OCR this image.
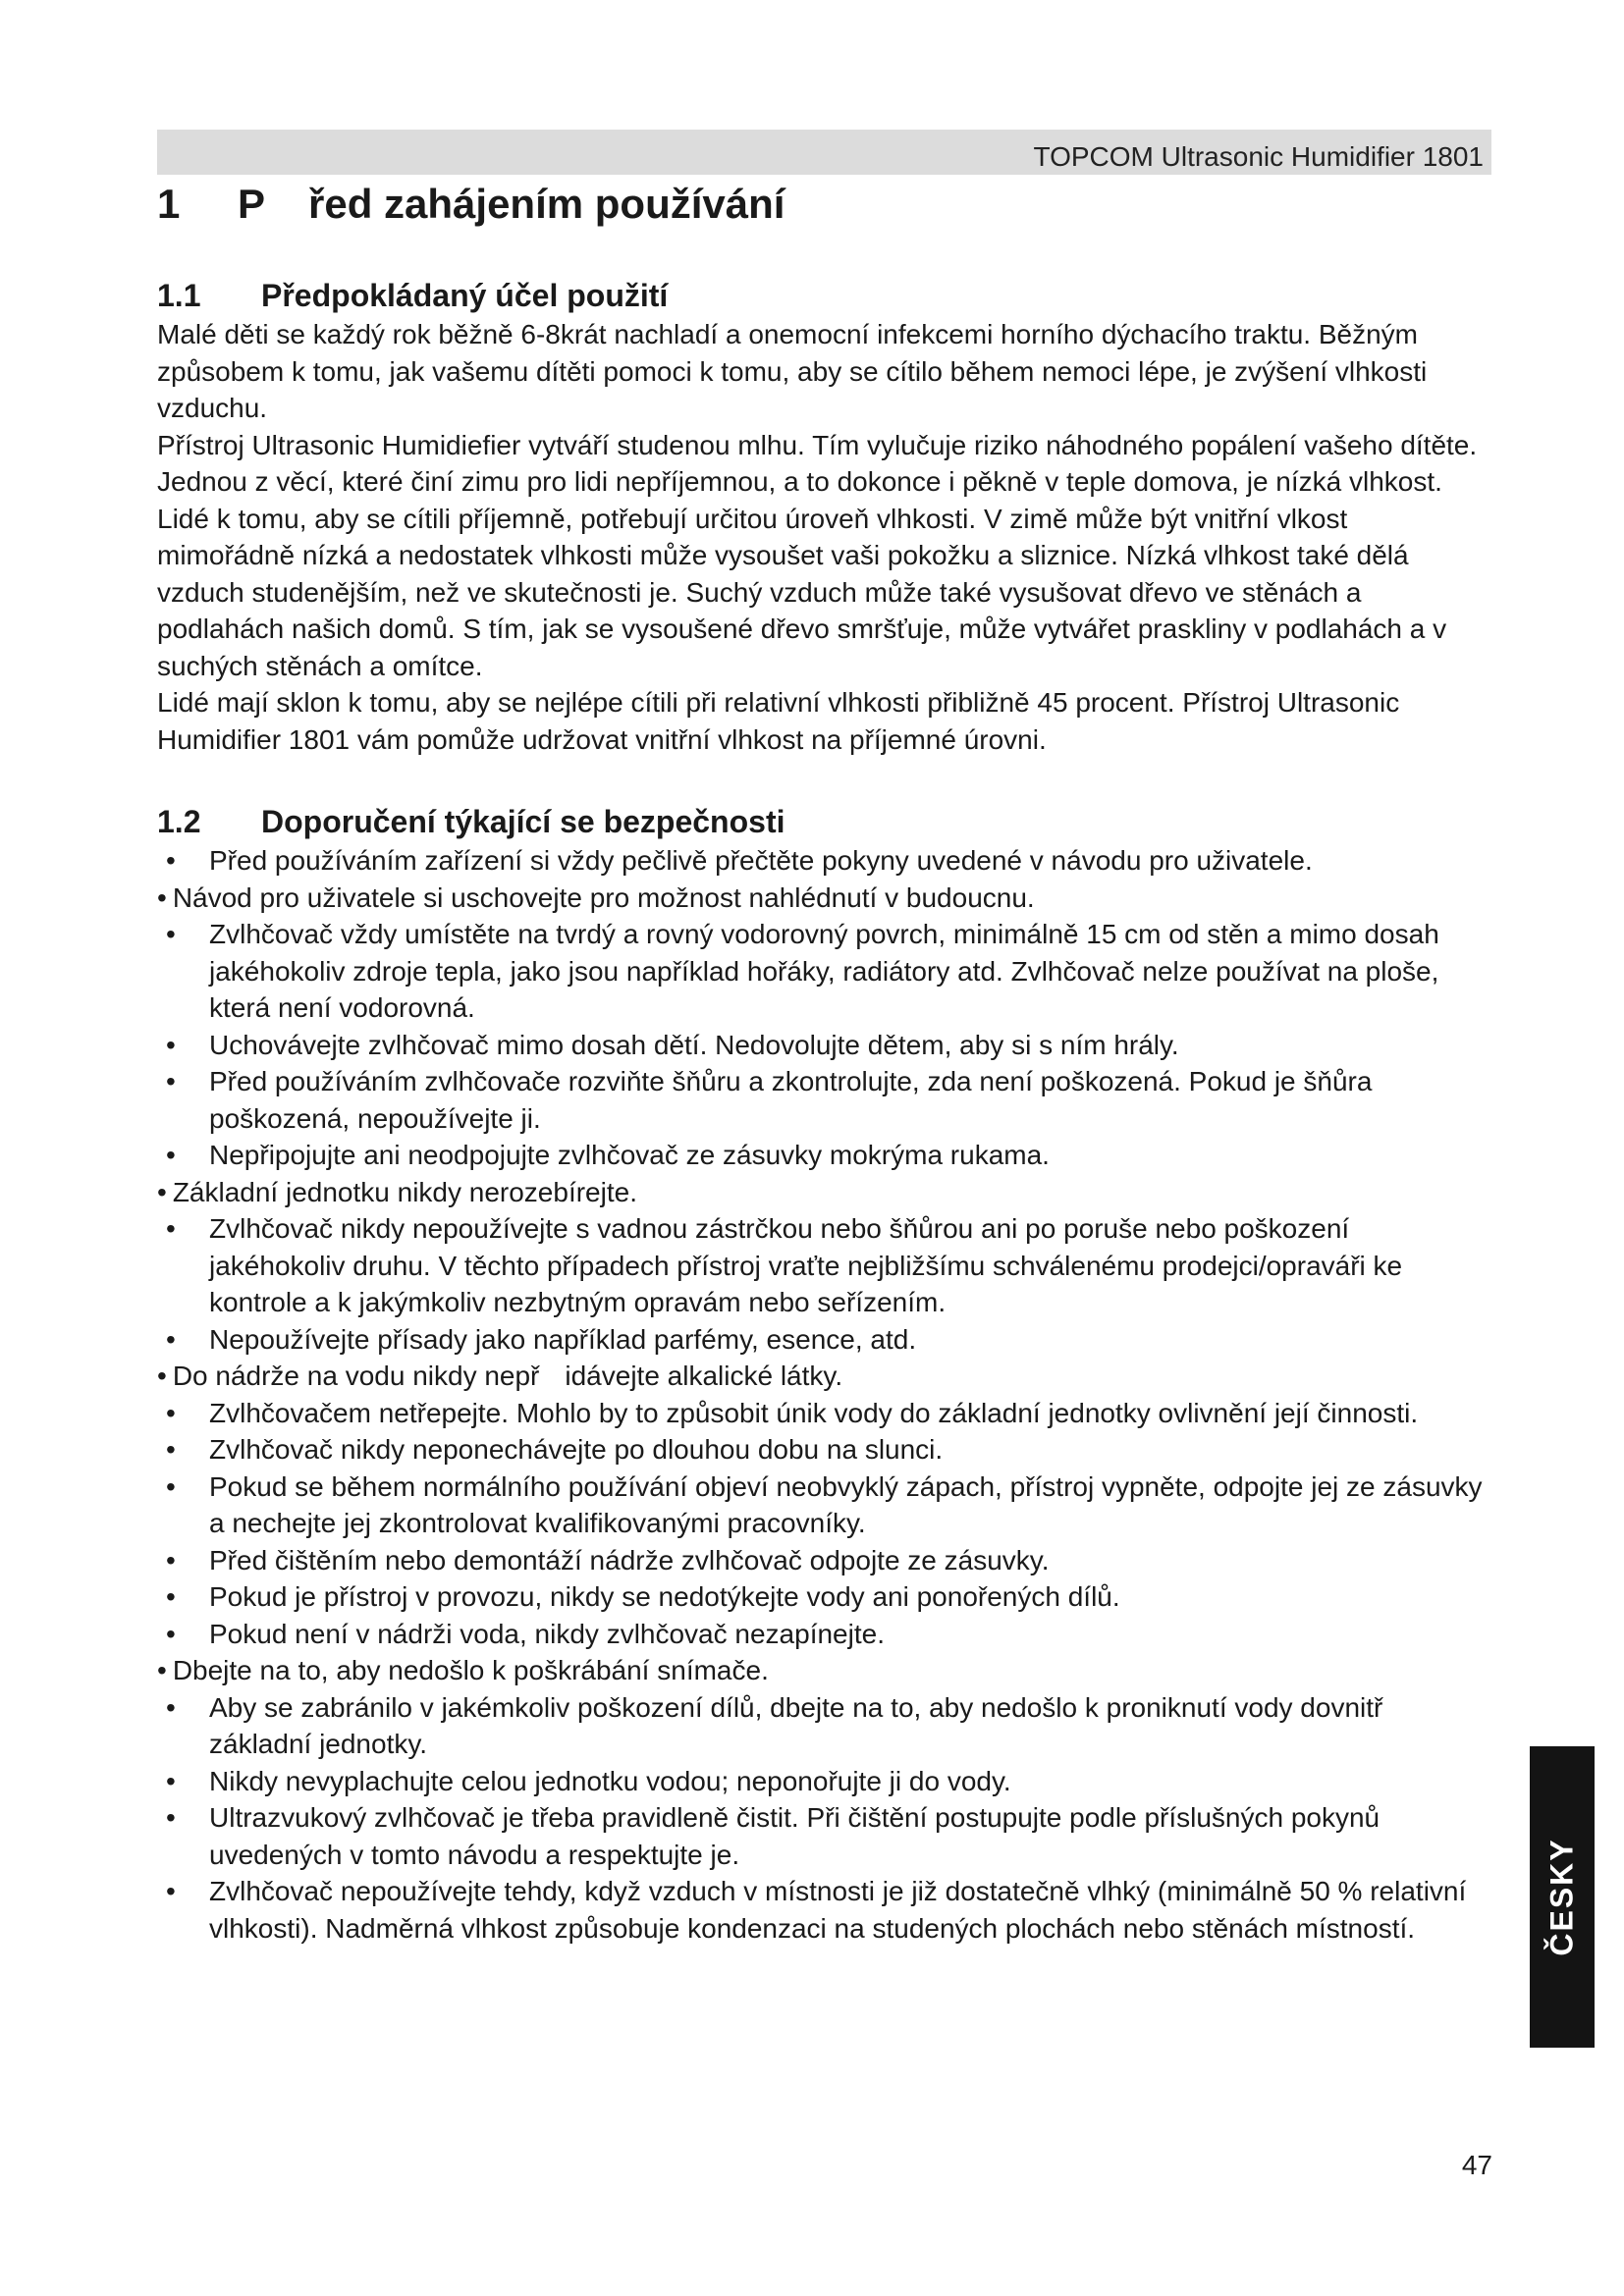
TOPCOM Ultrasonic Humidifier 1801
1	P	řed zahájením používání
1.1	Předpokládaný účel použití

Malé děti se každý rok běžně 6-8krát nachladí a onemocní infekcemi horního dýchacího traktu. Běžným způsobem k tomu, jak vašemu dítěti pomoci k tomu, aby se cítilo během nemoci lépe, je zvýšení vlhkosti vzduchu.

Přístroj Ultrasonic Humidiefier vytváří studenou mlhu. Tím vylučuje riziko náhodného popálení vašeho dítěte.

Jednou z věcí, které činí zimu pro lidi nepříjemnou, a to dokonce i pěkně v teple domova, je nízká vlhkost. Lidé k tomu, aby se cítili příjemně, potřebují určitou úroveň vlhkosti. V zimě může být vnitřní vlkost mimořádně nízká a nedostatek vlhkosti může vysoušet vaši pokožku a sliznice. Nízká vlhkost také dělá vzduch studenějším, než ve skutečnosti je. Suchý vzduch může také vysušovat dřevo ve stěnách a podlahách našich domů. S tím, jak se vysoušené dřevo smršťuje, může vytvářet praskliny v podlahách a v suchých stěnách a omítce.

Lidé mají sklon k tomu, aby se nejlépe cítili při relativní vlhkosti přibližně 45 procent. Přístroj Ultrasonic Humidifier 1801 vám pomůže udržovat vnitřní vlhkost na příjemné úrovni.

1.2	Doporučení týkající se bezpečnosti
• Před používáním zařízení si vždy pečlivě přečtěte pokyny uvedené v návodu pro uživatele.
• Návod pro uživatele si uschovejte pro možnost nahlédnutí v budoucnu.
• Zvlhčovač vždy umístěte na tvrdý a rovný vodorovný povrch, minimálně 15 cm od stěn a mimo dosah jakéhokoliv zdroje tepla, jako jsou například hořáky, radiátory atd. Zvlhčovač nelze používat na ploše, která není vodorovná.
• Uchovávejte zvlhčovač mimo dosah dětí. Nedovolujte dětem, aby si s ním hrály.
• Před používáním zvlhčovače rozviňte šňůru a zkontrolujte, zda není poškozená. Pokud je šňůra poškozená, nepoužívejte ji.
• Nepřipojujte ani neodpojujte zvlhčovač ze zásuvky mokrýma rukama.
• Základní jednotku nikdy nerozebírejte.
• Zvlhčovač nikdy nepoužívejte s vadnou zástrčkou nebo šňůrou ani po poruše nebo poškození jakéhokoliv druhu. V těchto případech přístroj vraťte nejbližšímu schválenému prodejci/opraváři ke kontrole a k jakýmkoliv nezbytným opravám nebo seřízením.
• Nepoužívejte přísady jako například parfémy, esence, atd.
• Do nádrže na vodu nikdy nepř idávejte alkalické látky.
• Zvlhčovačem netřepejte. Mohlo by to způsobit únik vody do základní jednotky ovlivnění její činnosti.
• Zvlhčovač nikdy neponechávejte po dlouhou dobu na slunci.
• Pokud se během normálního používání objeví neobvyklý zápach, přístroj vypněte, odpojte jej ze zásuvky a nechejte jej zkontrolovat kvalifikovanými pracovníky.
• Před čištěním nebo demontáží nádrže zvlhčovač odpojte ze zásuvky.
• Pokud je přístroj v provozu, nikdy se nedotýkejte vody ani ponořených dílů.
• Pokud není v nádrži voda, nikdy zvlhčovač nezapínejte.
• Dbejte na to, aby nedošlo k poškrábání snímače.
• Aby se zabránilo v jakémkoliv poškození dílů, dbejte na to, aby nedošlo k proniknutí vody dovnitř základní jednotky.
• Nikdy nevyplachujte celou jednotku vodou; neponořujte ji do vody.
• Ultrazvukový zvlhčovač je třeba pravidleně čistit. Při čištění postupujte podle příslušných pokynů uvedených v tomto návodu a respektujte je.
• Zvlhčovač nepoužívejte tehdy, když vzduch v místnosti je již dostatečně vlhký (minimálně 50 % relativní vlhkosti). Nadměrná vlhkost způsobuje kondenzaci na studených plochách nebo stěnách místností.	ČESKY
47
